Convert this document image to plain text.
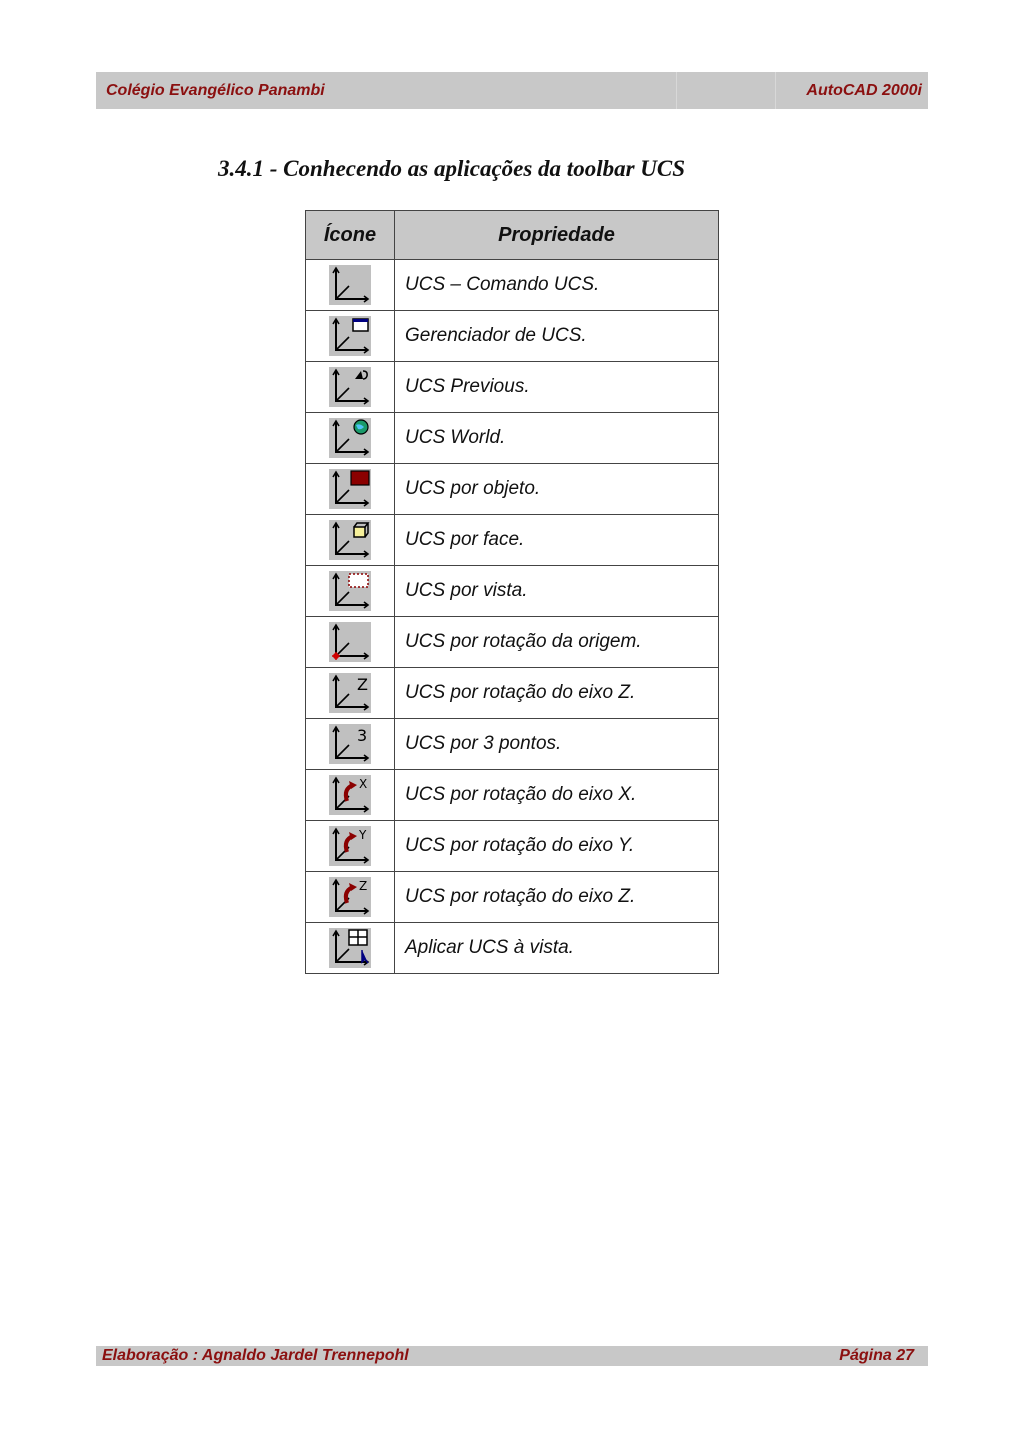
Colégio Evangélico Panambi	AutoCAD 2000i
3.4.1 - Conhecendo as aplicações da toolbar UCS
Ícone	Propriedade

	UCS – Comando UCS.

	Gerenciador de UCS.

	UCS Previous.

	UCS World.

	UCS por objeto.

	UCS por face.

	UCS por vista.

	UCS por rotação da origem.

Z	UCS por rotação do eixo Z.

3	UCS por 3 pontos.

X	UCS por rotação do eixo X.

Y	UCS por rotação do eixo Y.

Z	UCS por rotação do eixo Z.

	Aplicar UCS à vista.
Elaboração : Agnaldo Jardel Trennepohl	Página 27
